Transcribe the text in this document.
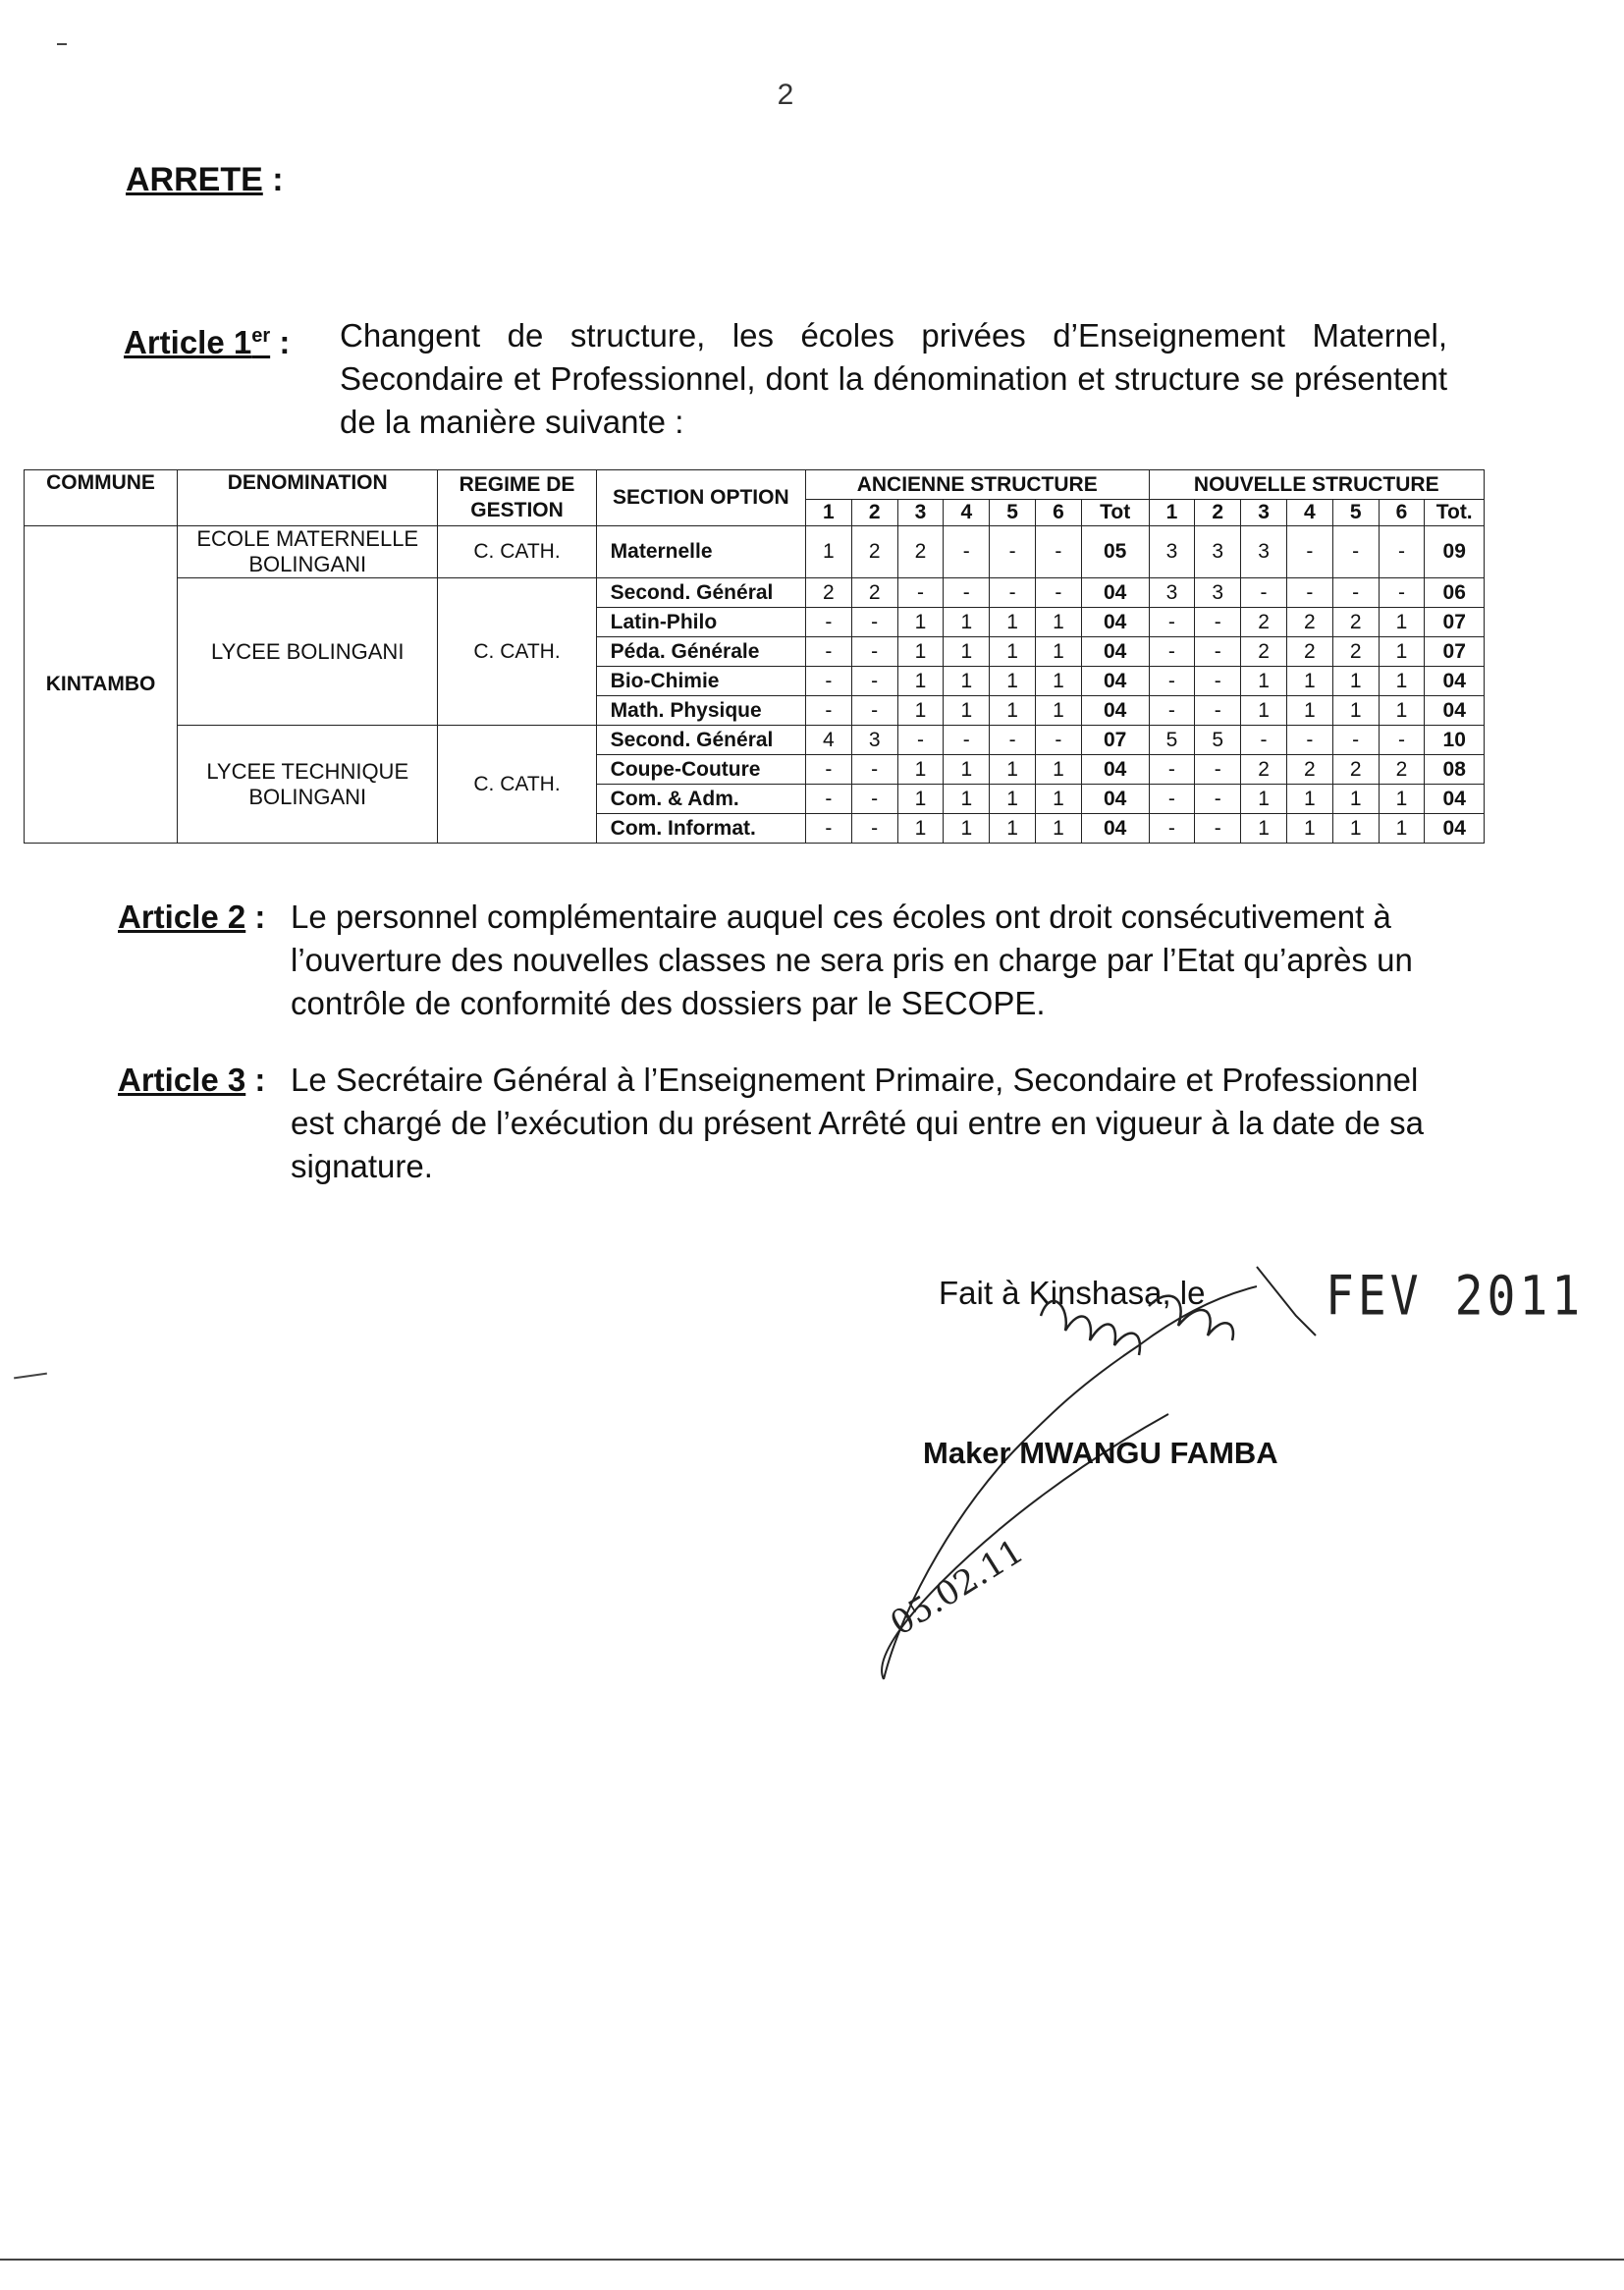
2
ARRETE :
Article 1er : Changent de structure, les écoles privées d’Enseignement Maternel, Secondaire et Professionnel, dont la dénomination et structure se présentent de la manière suivante :
COMMUNE	DENOMINATION	REGIME DE GESTION	SECTION OPTION	ANCIENNE STRUCTURE							NOUVELLE STRUCTURE						
				1	2	3	4	5	6	Tot	1	2	3	4	5	6	Tot.
KINTAMBO	ECOLE MATERNELLE BOLINGANI	C. CATH.	Maternelle	1	2	2	-	-	-	05	3	3	3	-	-	-	09
	LYCEE BOLINGANI	C. CATH.	Second. Général	2	2	-	-	-	-	04	3	3	-	-	-	-	06
			Latin-Philo	-	-	1	1	1	1	04	-	-	2	2	2	1	07
			Péda. Générale	-	-	1	1	1	1	04	-	-	2	2	2	1	07
			Bio-Chimie	-	-	1	1	1	1	04	-	-	1	1	1	1	04
			Math. Physique	-	-	1	1	1	1	04	-	-	1	1	1	1	04
	LYCEE TECHNIQUE BOLINGANI	C. CATH.	Second. Général	4	3	-	-	-	-	07	5	5	-	-	-	-	10
			Coupe-Couture	-	-	1	1	1	1	04	-	-	2	2	2	2	08
			Com. & Adm.	-	-	1	1	1	1	04	-	-	1	1	1	1	04
			Com. Informat.	-	-	1	1	1	1	04	-	-	1	1	1	1	04
Article 2 : Le personnel complémentaire auquel ces écoles ont droit consécutivement à l’ouverture des nouvelles classes ne sera pris en charge par l’Etat qu’après un contrôle de conformité des dossiers par le SECOPE.
Article 3 : Le Secrétaire Général à l’Enseignement Primaire, Secondaire et Professionnel est chargé de l’exécution du présent Arrêté qui entre en vigueur à la date de sa signature.
Fait à Kinshasa, le	FEV 2011
Maker MWANGU FAMBA
05.02.11
